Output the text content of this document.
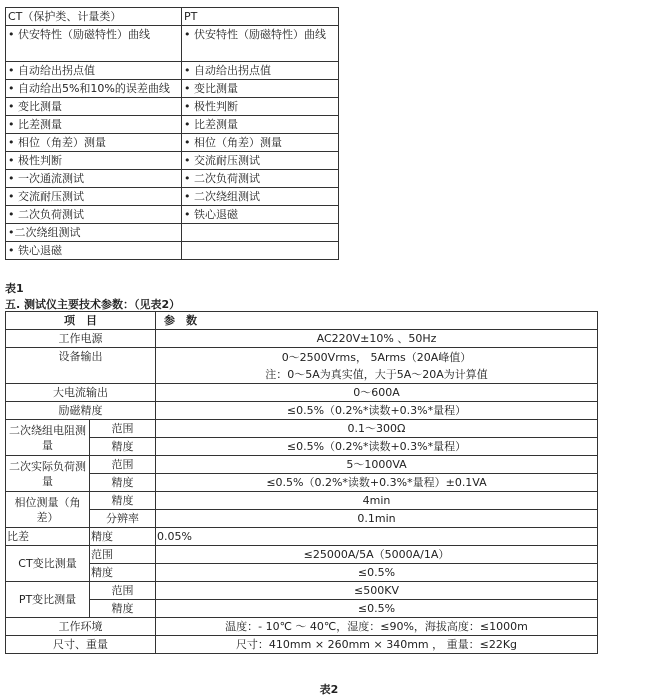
CT（保护类、计量类）	PT
• 伏安特性（励磁特性）曲线	• 伏安特性（励磁特性）曲线
• 自动给出拐点值	• 自动给出拐点值
• 自动给出5%和10%的误差曲线	• 变比测量
• 变比测量	• 极性判断
• 比差测量	• 比差测量
• 相位（角差）测量	• 相位（角差）测量
• 极性判断	• 交流耐压测试
• 一次通流测试	• 二次负荷测试
• 交流耐压测试	• 二次绕组测试
• 二次负荷测试	• 铁心退磁
•二次绕组测试	
• 铁心退磁	
表1
五. 测试仪主要技术参数：（见表2）
项　目		参　数
工作电源		AC220V±10% 、50Hz
设备输出		0～2500Vrms， 5Arms（20A峰值）
注：0～5A为真实值，大于5A～20A为计算值

大电流输出		0～600A
励磁精度		≤0.5%（0.2%*读数+0.3%*量程）
二次绕组电阻测量	范围	0.1～300Ω
	精度	≤0.5%（0.2%*读数+0.3%*量程）
二次实际负荷测量	范围	5～1000VA
	精度	≤0.5%（0.2%*读数+0.3%*量程）±0.1VA
相位测量（角差）	精度	4min
	分辨率	0.1min
比差	精度	0.05%
CT变比测量	范围	≤25000A/5A（5000A/1A）
	精度	≤0.5%
PT变比测量	范围	≤500KV
	精度	≤0.5%
工作环境		温度：- 10℃ ～ 40℃，湿度：≤90%，海拔高度：≤1000m
尺寸、重量		尺寸：410mm × 260mm × 340mm ， 重量：≤22Kg
表2
